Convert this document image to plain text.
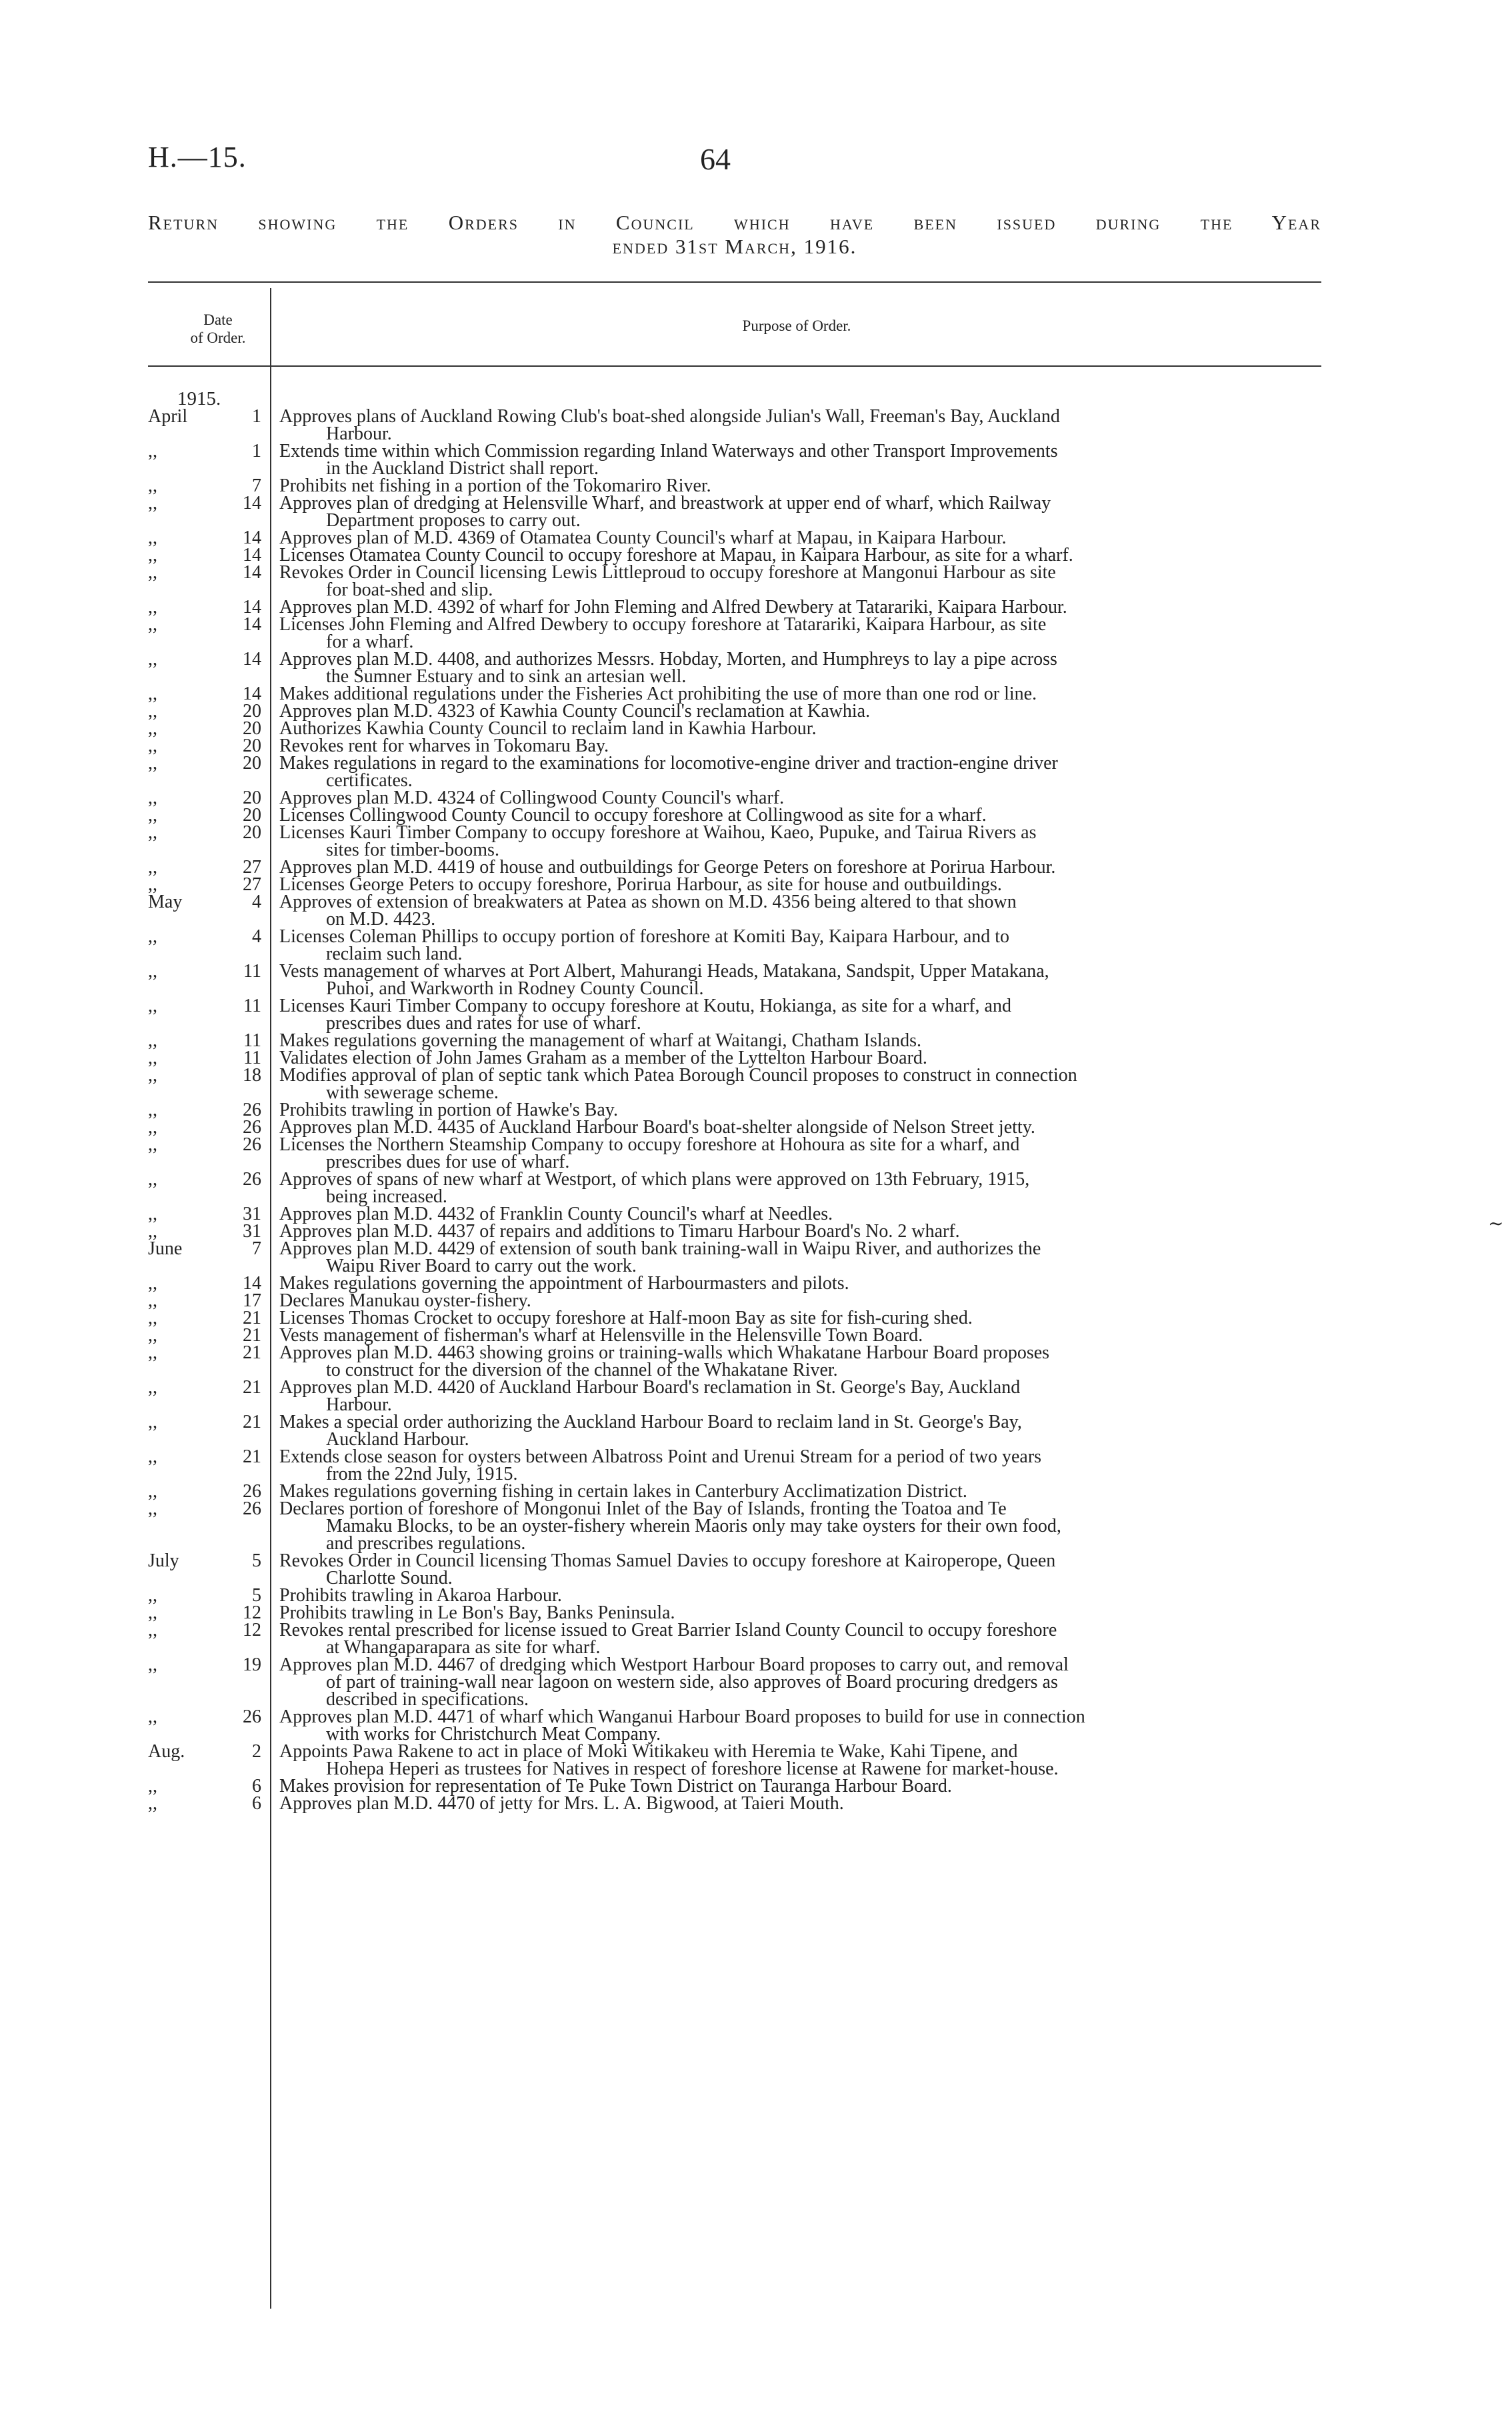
H.—15.	64
Return showing the Orders in Council which have been issued during the Year
ended 31st March, 1916.
Date
of Order.
Purpose of Order.
1915.
April	1 Approves plans of Auckland Rowing Club's boat-shed alongside Julian's Wall, Freeman's Bay, Auckland
Harbour.
,,	1 Extends time within which Commission regarding Inland Waterways and other Transport Improvements
in the Auckland District shall report.
,,	7 Prohibits net fishing in a portion of the Tokomariro River.
,,	14 Approves plan of dredging at Helensville Wharf, and breastwork at upper end of wharf, which Railway
Department proposes to carry out.
,,	14 Approves plan of M.D. 4369 of Otamatea County Council's wharf at Mapau, in Kaipara Harbour.
,,	14 Licenses Otamatea County Council to occupy foreshore at Mapau, in Kaipara Harbour, as site for a wharf.
,,	14 Revokes Order in Council licensing Lewis Littleproud to occupy foreshore at Mangonui Harbour as site
for boat-shed and slip.
,,	14 Approves plan M.D. 4392 of wharf for John Fleming and Alfred Dewbery at Tatarariki, Kaipara Harbour.
,,	14 Licenses John Fleming and Alfred Dewbery to occupy foreshore at Tatarariki, Kaipara Harbour, as site
for a wharf.
,,	14 Approves plan M.D. 4408, and authorizes Messrs. Hobday, Morten, and Humphreys to lay a pipe across
the Sumner Estuary and to sink an artesian well.
,,	14 Makes additional regulations under the Fisheries Act prohibiting the use of more than one rod or line.
,,	20 Approves plan M.D. 4323 of Kawhia County Council's reclamation at Kawhia.
,,	20 Authorizes Kawhia County Council to reclaim land in Kawhia Harbour.
,,	20 Revokes rent for wharves in Tokomaru Bay.
,,	20 Makes regulations in regard to the examinations for locomotive-engine driver and traction-engine driver
certificates.
,,	20 Approves plan M.D. 4324 of Collingwood County Council's wharf.
,,	20 Licenses Collingwood County Council to occupy foreshore at Collingwood as site for a wharf.
,,	20 Licenses Kauri Timber Company to occupy foreshore at Waihou, Kaeo, Pupuke, and Tairua Rivers as
sites for timber-booms.
,,	27 Approves plan M.D. 4419 of house and outbuildings for George Peters on foreshore at Porirua Harbour.
,,	27 Licenses George Peters to occupy foreshore, Porirua Harbour, as site for house and outbuildings.
May	4 Approves of extension of breakwaters at Patea as shown on M.D. 4356 being altered to that shown
on M.D. 4423.
,,	4 Licenses Coleman Phillips to occupy portion of foreshore at Komiti Bay, Kaipara Harbour, and to
reclaim such land.
,,	11 Vests management of wharves at Port Albert, Mahurangi Heads, Matakana, Sandspit, Upper Matakana,
Puhoi, and Warkworth in Rodney County Council.
,,	11 Licenses Kauri Timber Company to occupy foreshore at Koutu, Hokianga, as site for a wharf, and
prescribes dues and rates for use of wharf.
,,	11 Makes regulations governing the management of wharf at Waitangi, Chatham Islands.
,,	11 Validates election of John James Graham as a member of the Lyttelton Harbour Board.
,,	18 Modifies approval of plan of septic tank which Patea Borough Council proposes to construct in connection
with sewerage scheme.
,,	26 Prohibits trawling in portion of Hawke's Bay.
,,	26 Approves plan M.D. 4435 of Auckland Harbour Board's boat-shelter alongside of Nelson Street jetty.
,,	26 Licenses the Northern Steamship Company to occupy foreshore at Hohoura as site for a wharf, and
prescribes dues for use of wharf.
,,	26 Approves of spans of new wharf at Westport, of which plans were approved on 13th February, 1915,
being increased.
,,	31 Approves plan M.D. 4432 of Franklin County Council's wharf at Needles.
,,	31 Approves plan M.D. 4437 of repairs and additions to Timaru Harbour Board's No. 2 wharf.
June	7 Approves plan M.D. 4429 of extension of south bank training-wall in Waipu River, and authorizes the
Waipu River Board to carry out the work.
,,	14 Makes regulations governing the appointment of Harbourmasters and pilots.
,,	17 Declares Manukau oyster-fishery.
,,	21 Licenses Thomas Crocket to occupy foreshore at Half-moon Bay as site for fish-curing shed.
,,	21 Vests management of fisherman's wharf at Helensville in the Helensville Town Board.
,,	21 Approves plan M.D. 4463 showing groins or training-walls which Whakatane Harbour Board proposes
to construct for the diversion of the channel of the Whakatane River.
,,	21 Approves plan M.D. 4420 of Auckland Harbour Board's reclamation in St. George's Bay, Auckland
Harbour.
,,	21 Makes a special order authorizing the Auckland Harbour Board to reclaim land in St. George's Bay,
Auckland Harbour.
,,	21 Extends close season for oysters between Albatross Point and Urenui Stream for a period of two years
from the 22nd July, 1915.
,,	26 Makes regulations governing fishing in certain lakes in Canterbury Acclimatization District.
,,	26 Declares portion of foreshore of Mongonui Inlet of the Bay of Islands, fronting the Toatoa and Te
Mamaku Blocks, to be an oyster-fishery wherein Maoris only may take oysters for their own food,
and prescribes regulations.
July	5 Revokes Order in Council licensing Thomas Samuel Davies to occupy foreshore at Kairoperope, Queen
Charlotte Sound.
,,	5 Prohibits trawling in Akaroa Harbour.
,,	12 Prohibits trawling in Le Bon's Bay, Banks Peninsula.
,,	12 Revokes rental prescribed for license issued to Great Barrier Island County Council to occupy foreshore
at Whangaparapara as site for wharf.
,,	19 Approves plan M.D. 4467 of dredging which Westport Harbour Board proposes to carry out, and removal
of part of training-wall near lagoon on western side, also approves of Board procuring dredgers as
described in specifications.
,,	26 Approves plan M.D. 4471 of wharf which Wanganui Harbour Board proposes to build for use in connection
with works for Christchurch Meat Company.
Aug.	2 Appoints Pawa Rakene to act in place of Moki Witikakeu with Heremia te Wake, Kahi Tipene, and
Hohepa Heperi as trustees for Natives in respect of foreshore license at Rawene for market-house.
,,	6 Makes provision for representation of Te Puke Town District on Tauranga Harbour Board.
,,	6 Approves plan M.D. 4470 of jetty for Mrs. L. A. Bigwood, at Taieri Mouth.
∼
